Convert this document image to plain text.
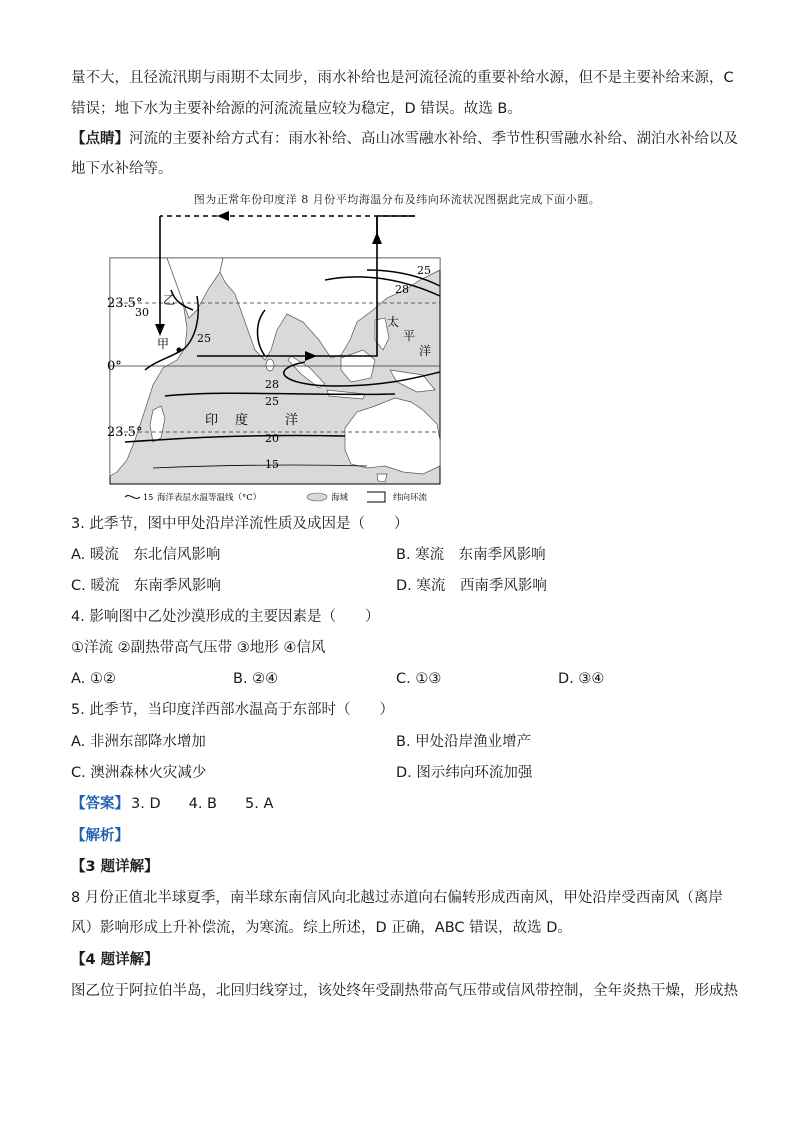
量不大，且径流汛期与雨期不太同步，雨水补给也是河流径流的重要补给水源，但不是主要补给来源，C
错误；地下水为主要补给源的河流流量应较为稳定，D 错误。故选 B。
【点睛】河流的主要补给方式有：雨水补给、高山冰雪融水补给、季节性积雪融水补给、湖泊水补给以及
地下水补给等。
图为正常年份印度洋 8 月份平均海温分布及纬向环流状况图据此完成下面小题。
23.5°
0°
23.5°
25
28
30
25
28
25
20
15
乙
甲
太
平
洋
印 度	洋
15 海洋表层水温等温线（°C）	海域	纬向环流
3. 此季节，图中甲处沿岸洋流性质及成因是（　　）
A. 暖流　东北信风影响	B. 寒流　东南季风影响
C. 暖流　东南季风影响	D. 寒流　西南季风影响
4. 影响图中乙处沙漠形成的主要因素是（　　）
①洋流 ②副热带高气压带 ③地形 ④信风
A. ①②	B. ②④	C. ①③	D. ③④
5. 此季节，当印度洋西部水温高于东部时（　　）
A. 非洲东部降水增加	B. 甲处沿岸渔业增产
C. 澳洲森林火灾减少	D. 图示纬向环流加强
【答案】 3. D 4. B 5. A
【解析】
【3 题详解】
8 月份正值北半球夏季，南半球东南信风向北越过赤道向右偏转形成西南风，甲处沿岸受西南风（离岸
风）影响形成上升补偿流，为寒流。综上所述，D 正确，ABC 错误，故选 D。
【4 题详解】
图乙位于阿拉伯半岛，北回归线穿过，该处终年受副热带高气压带或信风带控制，全年炎热干燥，形成热
